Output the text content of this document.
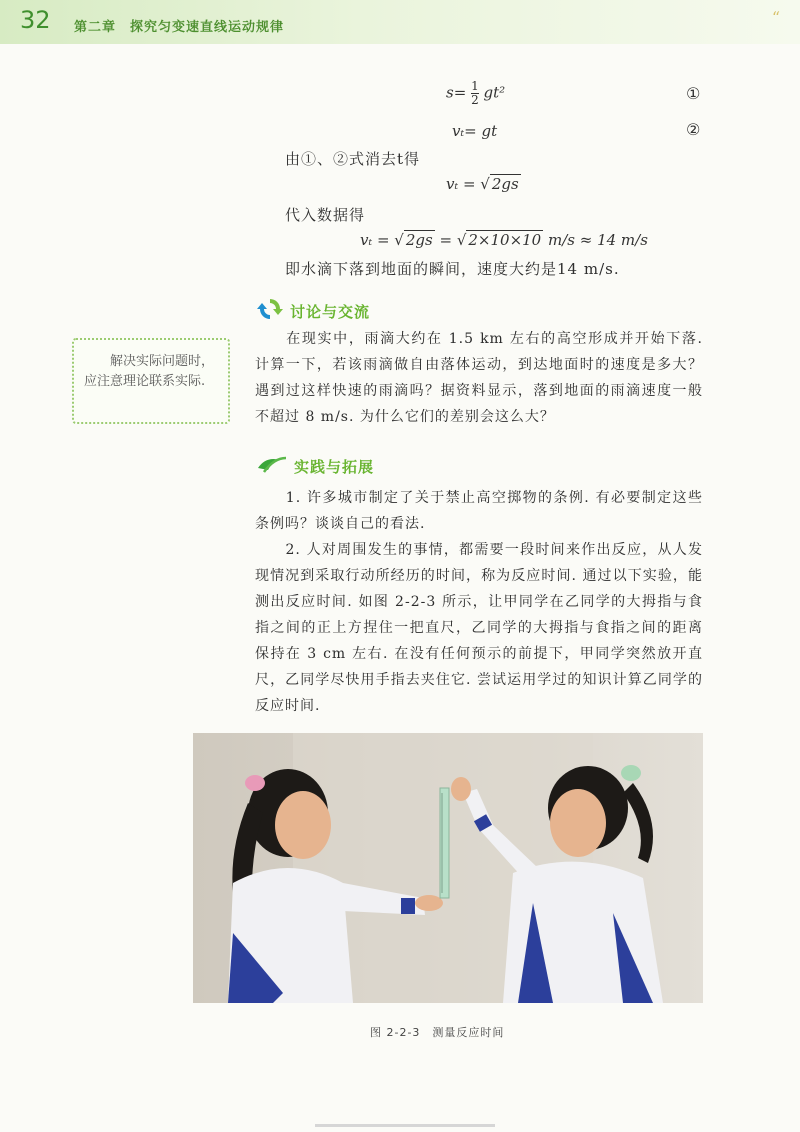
32 第二章　探究匀变速直线运动规律
“
$s= \frac{1}{2} gt^2$	①
vₜ= gt	②
由①、②式消去t得
vₜ = √ 2gs
代入数据得
vₜ = √ 2gs = √ 2×10×10 m/s ≈ 14 m/s
即水滴下落到地面的瞬间，速度大约是14 m/s.
讨论与交流

　　在现实中，雨滴大约在 1.5 km 左右的高空形成并开始下落. 计算一下，若该雨滴做自由落体运动，到达地面时的速度是多大？遇到过这样快速的雨滴吗？据资料显示，落到地面的雨滴速度一般不超过 8 m/s. 为什么它们的差别会这么大？

　　解决实际问题时，应注意理论联系实际.
实践与拓展

　　1. 许多城市制定了关于禁止高空掷物的条例. 有必要制定这些条例吗？谈谈自己的看法.

　　2. 人对周围发生的事情，都需要一段时间来作出反应，从人发现情况到采取行动所经历的时间，称为反应时间. 通过以下实验，能测出反应时间. 如图 2-2-3 所示，让甲同学在乙同学的大拇指与食指之间的正上方捏住一把直尺，乙同学的大拇指与食指之间的距离保持在 3 cm 左右. 在没有任何预示的前提下，甲同学突然放开直尺，乙同学尽快用手指去夹住它. 尝试运用学过的知识计算乙同学的反应时间.

图 2-2-3　测量反应时间
